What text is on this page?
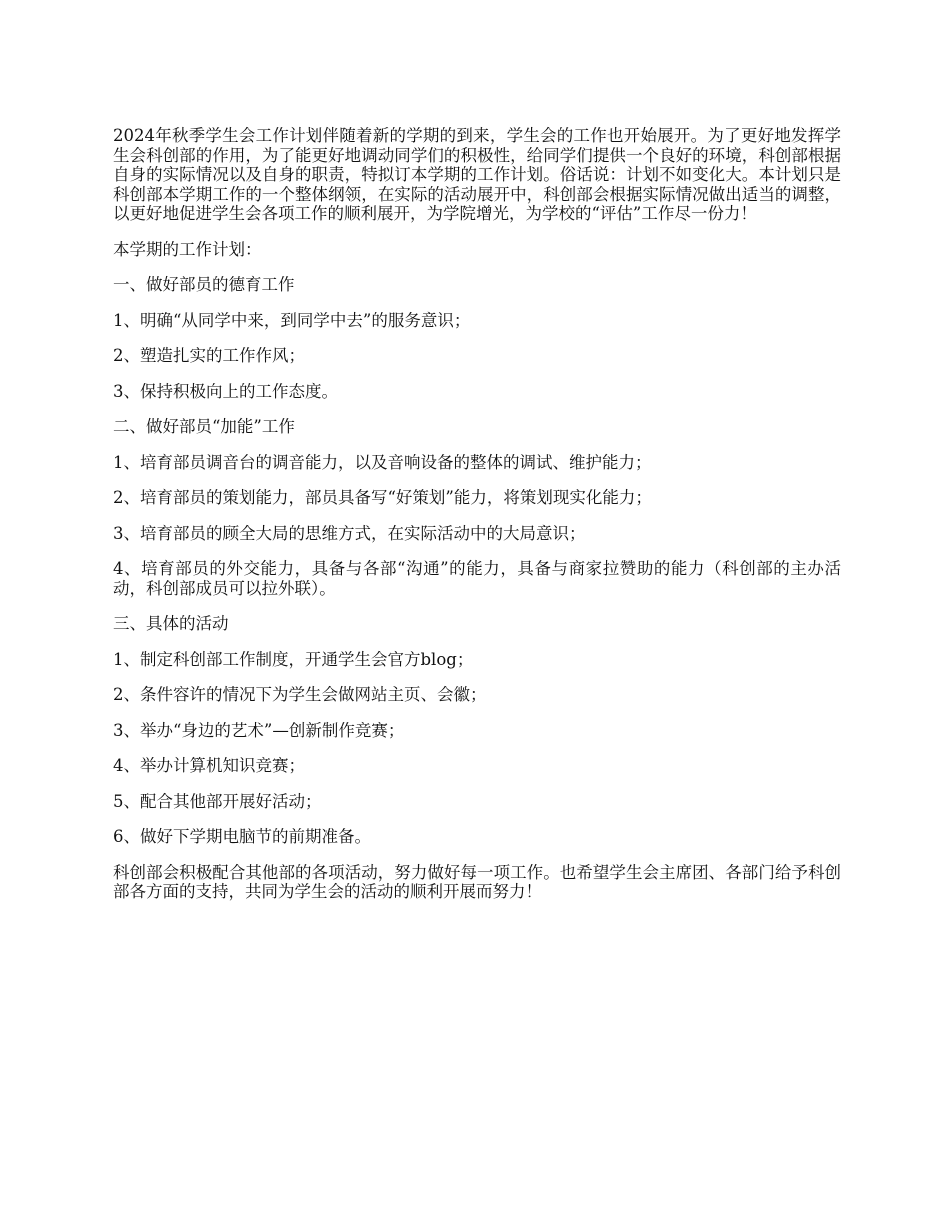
2024年秋季学生会工作计划伴随着新的学期的到来，学生会的工作也开始展开。为了更好地发挥学生会科创部的作用，为了能更好地调动同学们的积极性，给同学们提供一个良好的环境，科创部根据自身的实际情况以及自身的职责，特拟订本学期的工作计划。俗话说：计划不如变化大。本计划只是科创部本学期工作的一个整体纲领，在实际的活动展开中，科创部会根据实际情况做出适当的调整，以更好地促进学生会各项工作的顺利展开，为学院增光，为学校的“评估”工作尽一份力！

本学期的工作计划：

一、做好部员的德育工作

1、明确“从同学中来，到同学中去”的服务意识；

2、塑造扎实的工作作风；

3、保持积极向上的工作态度。

二、做好部员“加能”工作

1、培育部员调音台的调音能力，以及音响设备的整体的调试、维护能力；

2、培育部员的策划能力，部员具备写“好策划”能力，将策划现实化能力；

3、培育部员的顾全大局的思维方式，在实际活动中的大局意识；

4、培育部员的外交能力，具备与各部“沟通”的能力，具备与商家拉赞助的能力（科创部的主办活动，科创部成员可以拉外联）。

三、具体的活动

1、制定科创部工作制度，开通学生会官方blog；

2、条件容许的情况下为学生会做网站主页、会徽；

3、举办“身边的艺术”—创新制作竞赛；

4、举办计算机知识竞赛；

5、配合其他部开展好活动；

6、做好下学期电脑节的前期准备。

科创部会积极配合其他部的各项活动，努力做好每一项工作。也希望学生会主席团、各部门给予科创部各方面的支持，共同为学生会的活动的顺利开展而努力！
